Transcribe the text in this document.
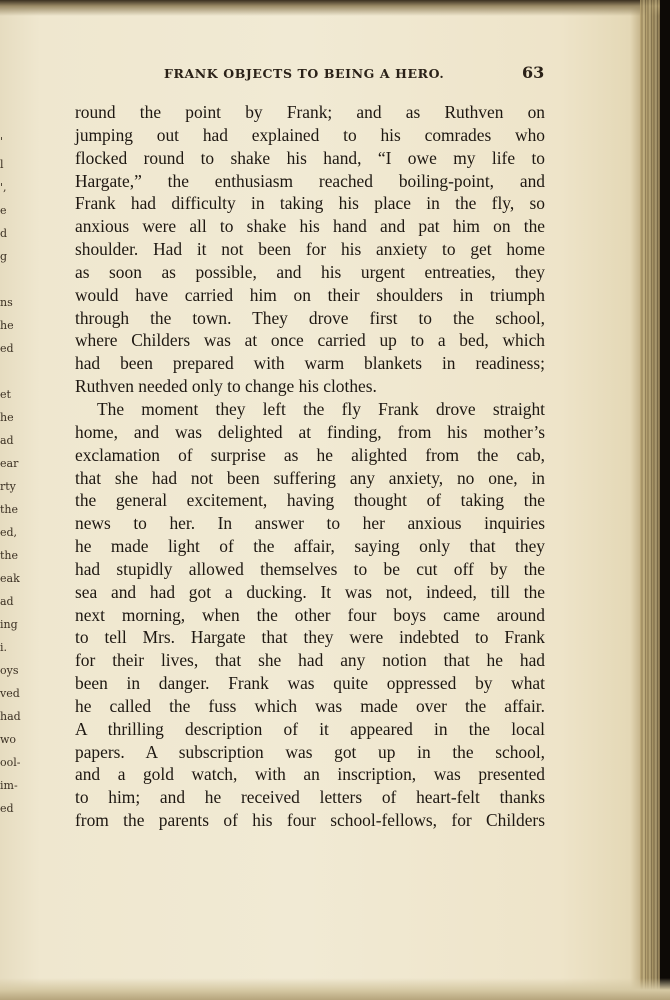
'
l
',
e
d
g
ns
he
ed
et
he
ad
ear
rty
the
ed,
the
eak
ad
ing
i.
oys
ved
had
wo
ool-
im-
ed
FRANK OBJECTS TO BEING A HERO.	63
round the point by Frank; and as Ruthven on
jumping out had explained to his comrades who
flocked round to shake his hand, “I owe my life to
Hargate,” the enthusiasm reached boiling-point, and
Frank had difficulty in taking his place in the fly, so
anxious were all to shake his hand and pat him on the
shoulder. Had it not been for his anxiety to get home
as soon as possible, and his urgent entreaties, they
would have carried him on their shoulders in triumph
through the town. They drove first to the school,
where Childers was at once carried up to a bed, which
had been prepared with warm blankets in readiness;
Ruthven needed only to change his clothes.
The moment they left the fly Frank drove straight
home, and was delighted at finding, from his mother’s
exclamation of surprise as he alighted from the cab,
that she had not been suffering any anxiety, no one, in
the general excitement, having thought of taking the
news to her. In answer to her anxious inquiries
he made light of the affair, saying only that they
had stupidly allowed themselves to be cut off by the
sea and had got a ducking. It was not, indeed, till the
next morning, when the other four boys came around
to tell Mrs. Hargate that they were indebted to Frank
for their lives, that she had any notion that he had
been in danger. Frank was quite oppressed by what
he called the fuss which was made over the affair.
A thrilling description of it appeared in the local
papers. A subscription was got up in the school,
and a gold watch, with an inscription, was presented
to him; and he received letters of heart-felt thanks
from the parents of his four school-fellows, for Childers
